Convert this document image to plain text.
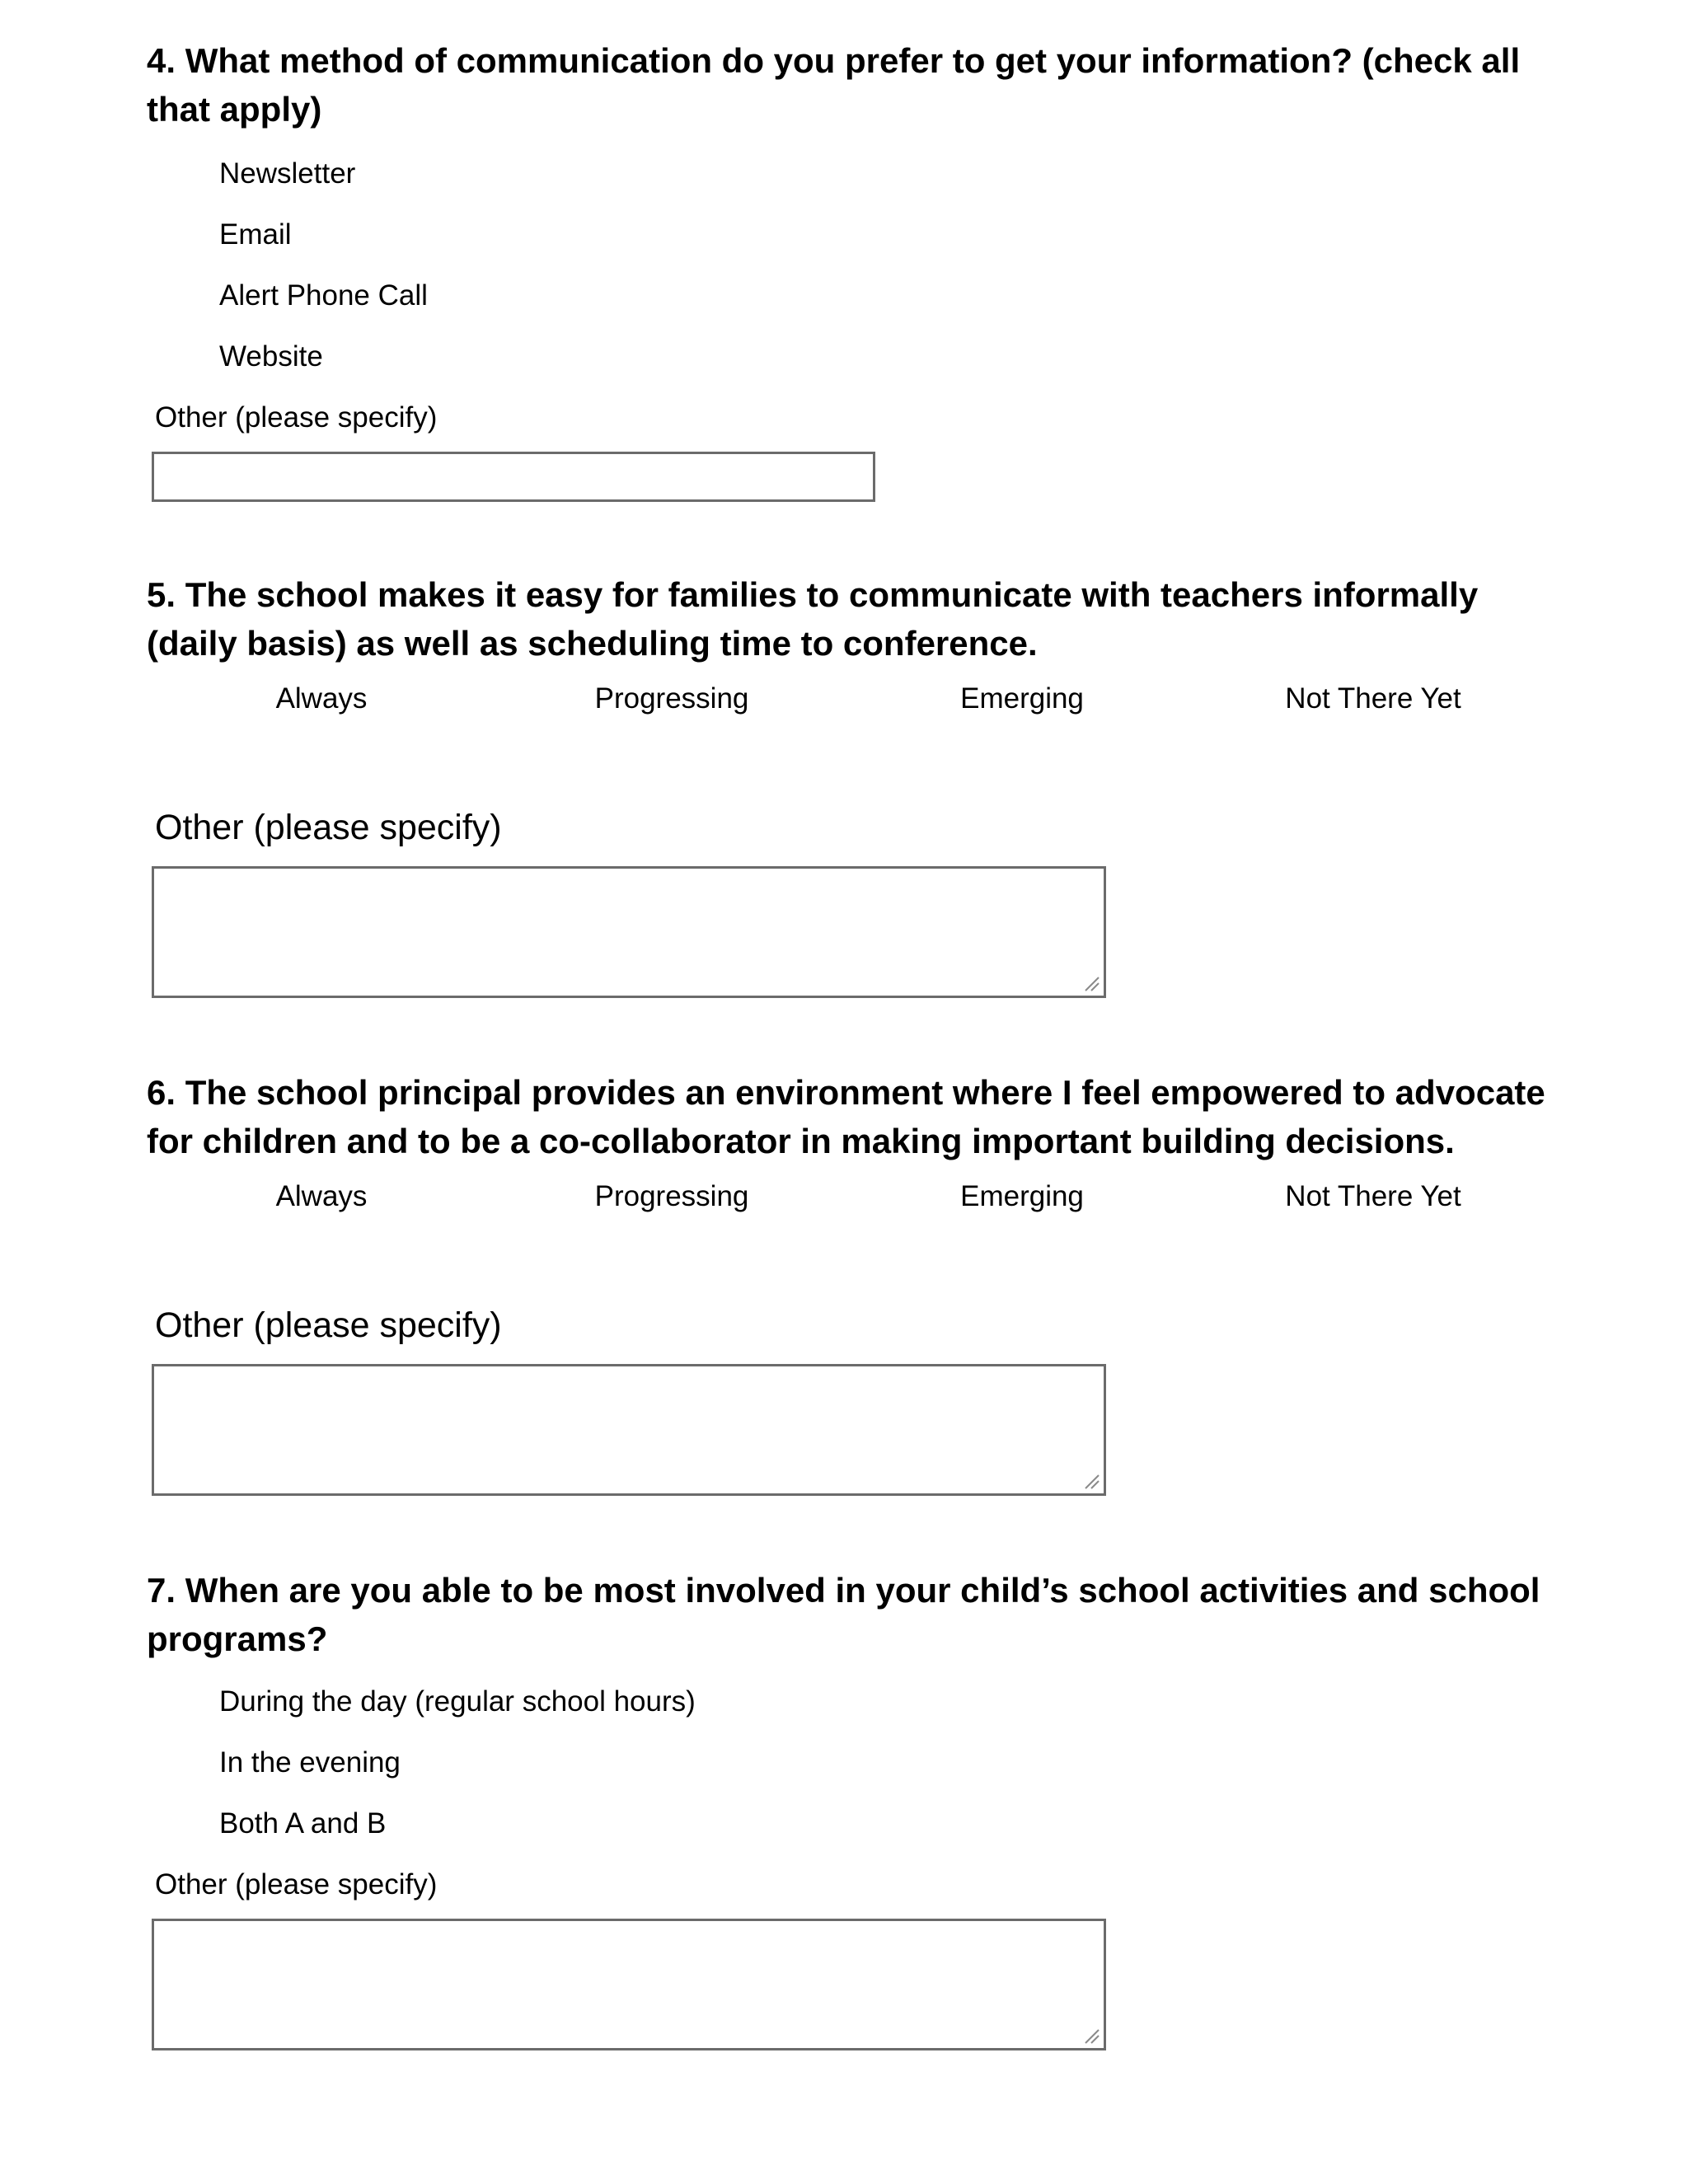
4. What method of communication do you prefer to get your information? (check all
that apply)
Newsletter
Email
Alert Phone Call
Website
Other (please specify)
5. The school makes it easy for families to communicate with teachers informally
(daily basis) as well as scheduling time to conference.
Always	Progressing	Emerging	Not There Yet
Other (please specify)
6. The school principal provides an environment where I feel empowered to advocate
for children and to be a co-collaborator in making important building decisions.
Always	Progressing	Emerging	Not There Yet
Other (please specify)
7. When are you able to be most involved in your child’s school activities and school
programs?
During the day (regular school hours)
In the evening
Both A and B
Other (please specify)
